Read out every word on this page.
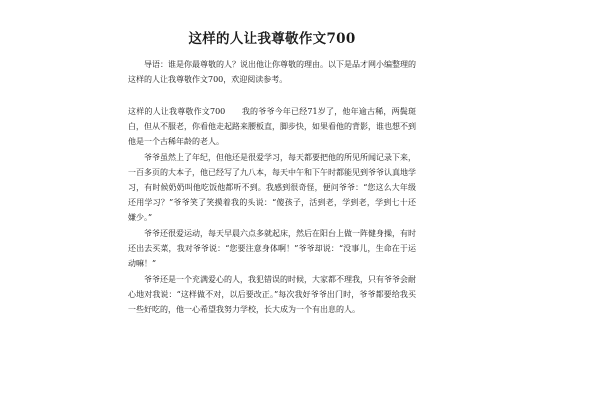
这样的人让我尊敬作文700

导语：谁是你最尊敬的人？说出他让你尊敬的理由。以下是品才网小编整理的这样的人让我尊敬作文700，欢迎阅读参考。

这样的人让我尊敬作文700　　我的爷爷今年已经71岁了，他年逾古稀，两鬓斑白，但从不服老，你看他走起路来腰板直，脚步快，如果看他的背影，谁也想不到他是一个古稀年龄的老人。

爷爷虽然上了年纪，但他还是很爱学习，每天都要把他的所见所闻记录下来，一百多页的大本子，他已经写了九八本，每天中午和下午时都能见到爷爷认真地学习，有时候奶奶叫他吃饭他都听不到。我感到很奇怪，便问爷爷：“您这么大年级还用学习？”爷爷笑了笑摸着我的头说：“傻孩子，活到老，学到老，学到七十还嫌少。”

爷爷还很爱运动，每天早晨六点多就起床，然后在阳台上做一阵健身操，有时还出去买菜，我对爷爷说：“您要注意身体啊！”爷爷却说：“没事儿，生命在于运动嘛！”

爷爷还是一个充满爱心的人，我犯错误的时候，大家都不理我，只有爷爷会耐心地对我说：“这样做不对，以后要改正。”每次我好爷爷出门时，爷爷都要给我买一些好吃的，他一心希望我努力学校，长大成为一个有出息的人。
